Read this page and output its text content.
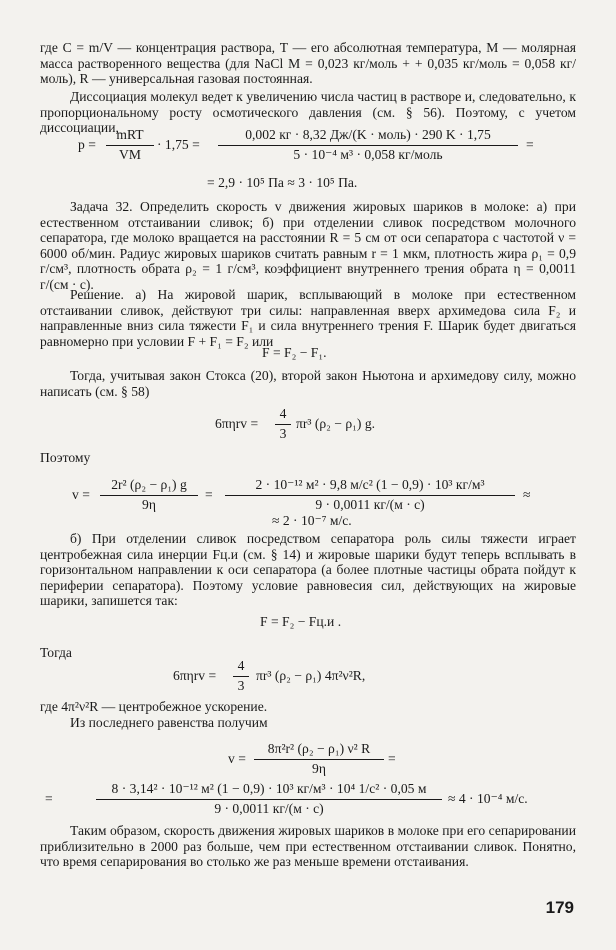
где C = m/V — концентрация раствора, T — его абсолютная температура, M — молярная масса растворенного вещества (для NaCl M = 0,023 кг/моль + + 0,035 кг/моль = 0,058 кг/моль), R — универсальная газовая постоянная.

Диссоциация молекул ведет к увеличению числа частиц в растворе и, следовательно, к пропорциональному росту осмотического давления (см. § 56). Поэтому, с учетом диссоциации,

p =
mRT
VM
· 1,75 =
0,002 кг · 8,32 Дж/(K · моль) · 290 K · 1,75
5 · 10⁻⁴ м³ · 0,058 кг/моль
=
= 2,9 · 10⁵ Па ≈ 3 · 10⁵ Па.

Задача 32. Определить скорость v движения жировых шариков в молоке: а) при естественном отстаивании сливок; б) при отделении сливок посредством молочного сепаратора, где молоко вращается на расстоянии R = 5 см от оси сепаратора с частотой ν = 6000 об/мин. Радиус жировых шариков считать равным r = 1 мкм, плотность жира ρ₁ = 0,9 г/см³, плотность обрата ρ₂ = 1 г/см³, коэффициент внутреннего трения обрата η = 0,0011 г/(см · с).

Решение. а) На жировой шарик, всплывающий в молоке при естественном отстаивании сливок, действуют три силы: направленная вверх архимедова сила F₂ и направленные вниз сила тяжести F₁ и сила внутреннего трения F. Шарик будет двигаться равномерно при условии F + F₁ = F₂ или

F = F₂ − F₁.

Тогда, учитывая закон Стокса (20), второй закон Ньютона и архимедову силу, можно написать (см. § 58)

6πηrv =
4
3
πr³ (ρ₂ − ρ₁) g.

Поэтому

v =
2r² (ρ₂ − ρ₁) g
9η
=
2 · 10⁻¹² м² · 9,8 м/с² (1 − 0,9) · 10³ кг/м³
9 · 0,0011 кг/(м · с)
≈
≈ 2 · 10⁻⁷ м/с.

б) При отделении сливок посредством сепаратора роль силы тяжести играет центробежная сила инерции Fц.и (см. § 14) и жировые шарики будут теперь всплывать в горизонтальном направлении к оси сепаратора (а более плотные частицы обрата пойдут к периферии сепаратора). Поэтому условие равновесия сил, действующих на жировые шарики, запишется так:

F = F₂ − Fц.и .

Тогда

6πηrv =
4
3
πr³ (ρ₂ − ρ₁) 4π²ν²R,

где 4π²ν²R — центробежное ускорение.

Из последнего равенства получим

v =
8π²r² (ρ₂ − ρ₁) ν² R
9η
=
=
8 · 3,14² · 10⁻¹² м² (1 − 0,9) · 10³ кг/м³ · 10⁴ 1/с² · 0,05 м
9 · 0,0011 кг/(м · с)
≈ 4 · 10⁻⁴ м/с.

Таким образом, скорость движения жировых шариков в молоке при его сепарировании приблизительно в 2000 раз больше, чем при естественном отстаивании сливок. Понятно, что время сепарирования во столько же раз меньше времени отстаивания.

179
